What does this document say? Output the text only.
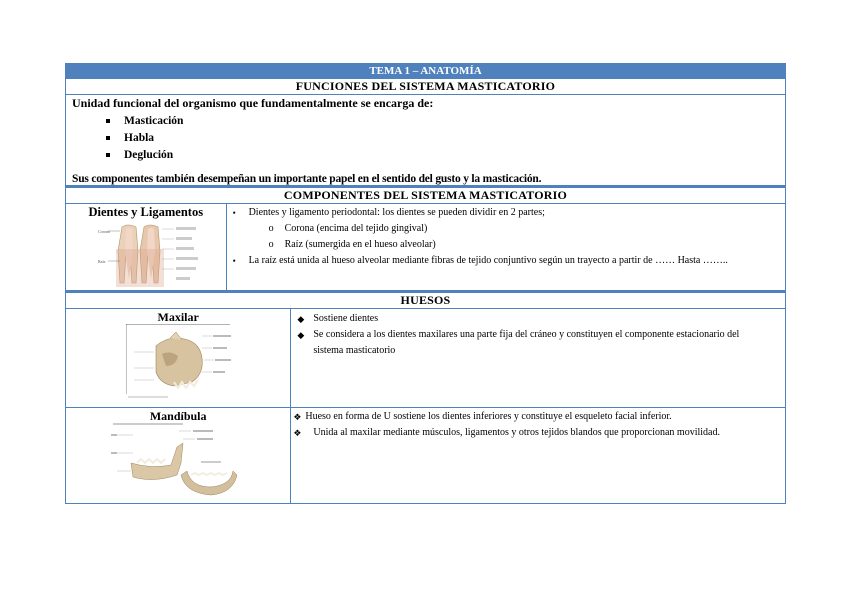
TEMA 1 – ANATOMÍA
FUNCIONES DEL SISTEMA MASTICATORIO
Unidad funcional del organismo que fundamentalmente se encarga de:
Masticación
Habla
Deglución
Sus componentes también desempeñan un importante papel en el sentido del gusto y la masticación.
COMPONENTES DEL SISTEMA MASTICATORIO
Dientes y Ligamentos
Corona
Raíz
• Dientes y ligamento periodontal: los dientes se pueden dividir en 2 partes;
o Corona (encima del tejido gingival)
o Raíz (sumergida en el hueso alveolar)
• La raíz está unida al hueso alveolar mediante fibras de tejido conjuntivo según un trayecto a partir de …… Hasta ……..
HUESOS
Maxilar	◆ Sostiene dientes
◆ Se considera a los dientes maxilares una parte fija del cráneo y constituyen el componente estacionario del sistema masticatorio
Mandíbula	❖ Hueso en forma de U sostiene los dientes inferiores y constituye el esqueleto facial inferior.
❖ Unida al maxilar mediante músculos, ligamentos y otros tejidos blandos que proporcionan movilidad.
